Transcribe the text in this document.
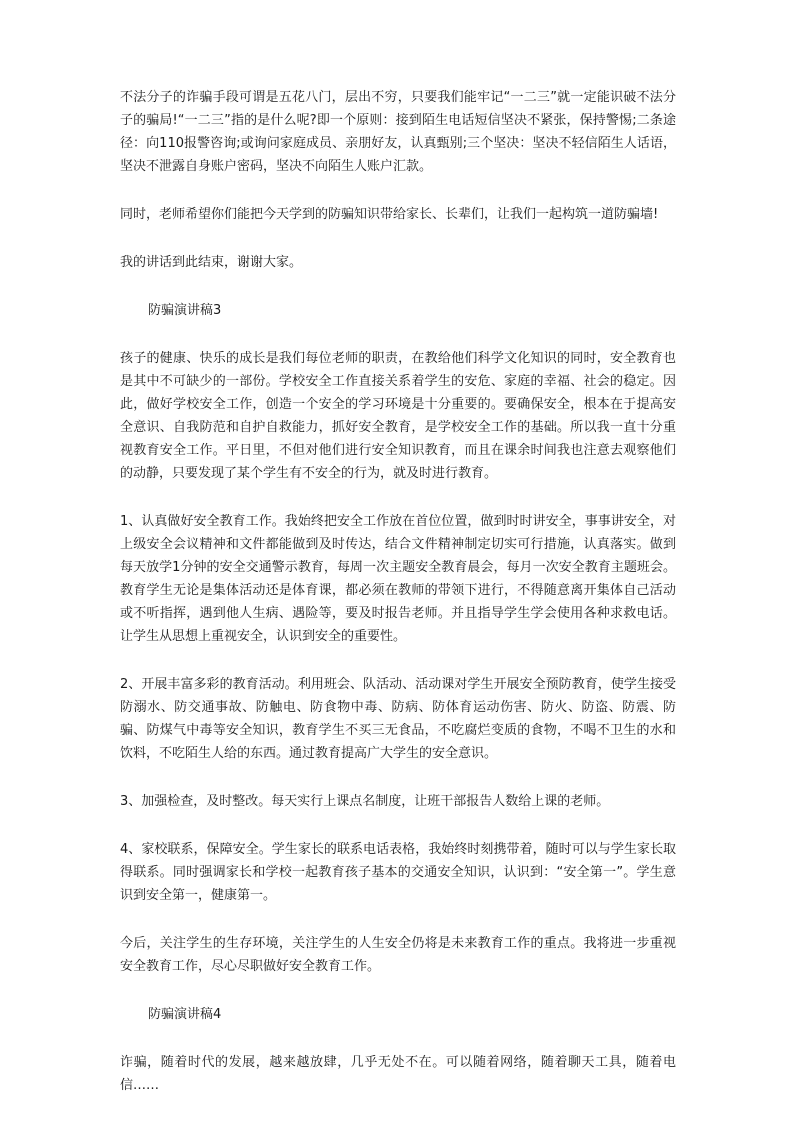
不法分子的诈骗手段可谓是五花八门，层出不穷，只要我们能牢记“一二三”就一定能识破不法分子的骗局!“一二三”指的是什么呢?即一个原则：接到陌生电话短信坚决不紧张，保持警惕;二条途径：向110报警咨询;或询问家庭成员、亲朋好友，认真甄别;三个坚决：坚决不轻信陌生人话语，坚决不泄露自身账户密码，坚决不向陌生人账户汇款。

同时，老师希望你们能把今天学到的防骗知识带给家长、长辈们，让我们一起构筑一道防骗墙!

我的讲话到此结束，谢谢大家。

防骗演讲稿3

孩子的健康、快乐的成长是我们每位老师的职责，在教给他们科学文化知识的同时，安全教育也是其中不可缺少的一部份。学校安全工作直接关系着学生的安危、家庭的幸福、社会的稳定。因此，做好学校安全工作，创造一个安全的学习环境是十分重要的。要确保安全，根本在于提高安全意识、自我防范和自护自救能力，抓好安全教育，是学校安全工作的基础。所以我一直十分重视教育安全工作。平日里，不但对他们进行安全知识教育，而且在课余时间我也注意去观察他们的动静，只要发现了某个学生有不安全的行为，就及时进行教育。

1、认真做好安全教育工作。我始终把安全工作放在首位位置，做到时时讲安全，事事讲安全，对上级安全会议精神和文件都能做到及时传达，结合文件精神制定切实可行措施，认真落实。做到每天放学1分钟的安全交通警示教育，每周一次主题安全教育晨会，每月一次安全教育主题班会。教育学生无论是集体活动还是体育课，都必须在教师的带领下进行，不得随意离开集体自己活动或不听指挥，遇到他人生病、遇险等，要及时报告老师。并且指导学生学会使用各种求救电话。让学生从思想上重视安全，认识到安全的重要性。

2、开展丰富多彩的教育活动。利用班会、队活动、活动课对学生开展安全预防教育，使学生接受防溺水、防交通事故、防触电、防食物中毒、防病、防体育运动伤害、防火、防盗、防震、防骗、防煤气中毒等安全知识，教育学生不买三无食品，不吃腐烂变质的食物，不喝不卫生的水和饮料，不吃陌生人给的东西。通过教育提高广大学生的安全意识。

3、加强检查，及时整改。每天实行上课点名制度，让班干部报告人数给上课的老师。

4、家校联系，保障安全。学生家长的联系电话表格，我始终时刻携带着，随时可以与学生家长取得联系。同时强调家长和学校一起教育孩子基本的交通安全知识，认识到：“安全第一”。学生意识到安全第一，健康第一。

今后，关注学生的生存环境，关注学生的人生安全仍将是未来教育工作的重点。我将进一步重视安全教育工作，尽心尽职做好安全教育工作。

防骗演讲稿4

诈骗，随着时代的发展，越来越放肆，几乎无处不在。可以随着网络，随着聊天工具，随着电信……
